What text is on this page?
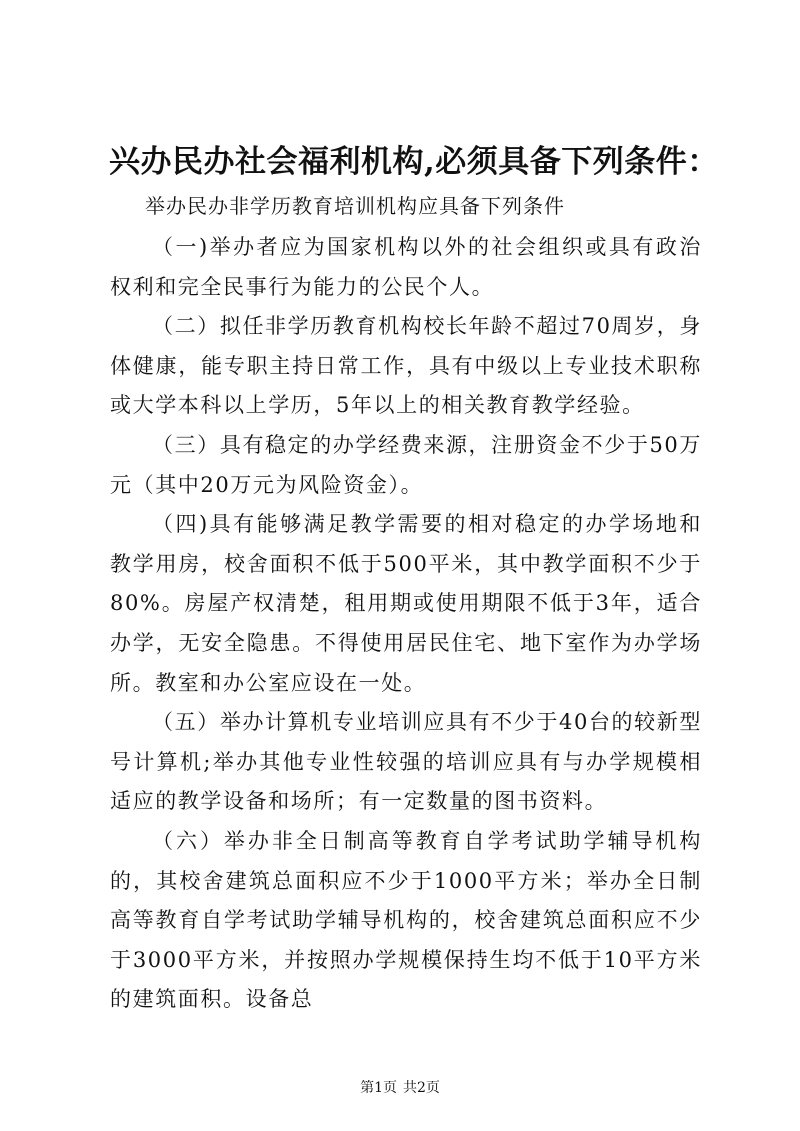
兴办民办社会福利机构,必须具备下列条件：
举办民办非学历教育培训机构应具备下列条件

（一)举办者应为国家机构以外的社会组织或具有政治权利和完全民事行为能力的公民个人。

（二）拟任非学历教育机构校长年龄不超过70周岁，身体健康，能专职主持日常工作，具有中级以上专业技术职称或大学本科以上学历，5年以上的相关教育教学经验。

（三）具有稳定的办学经费来源，注册资金不少于50万元（其中20万元为风险资金）。

（四)具有能够满足教学需要的相对稳定的办学场地和教学用房，校舍面积不低于500平米，其中教学面积不少于80%。房屋产权清楚，租用期或使用期限不低于3年，适合办学，无安全隐患。不得使用居民住宅、地下室作为办学场所。教室和办公室应设在一处。

（五）举办计算机专业培训应具有不少于40台的较新型号计算机;举办其他专业性较强的培训应具有与办学规模相适应的教学设备和场所；有一定数量的图书资料。

（六）举办非全日制高等教育自学考试助学辅导机构的，其校舍建筑总面积应不少于1000平方米；举办全日制高等教育自学考试助学辅导机构的，校舍建筑总面积应不少于3000平方米，并按照办学规模保持生均不低于10平方米的建筑面积。设备总

第1页 共2页
